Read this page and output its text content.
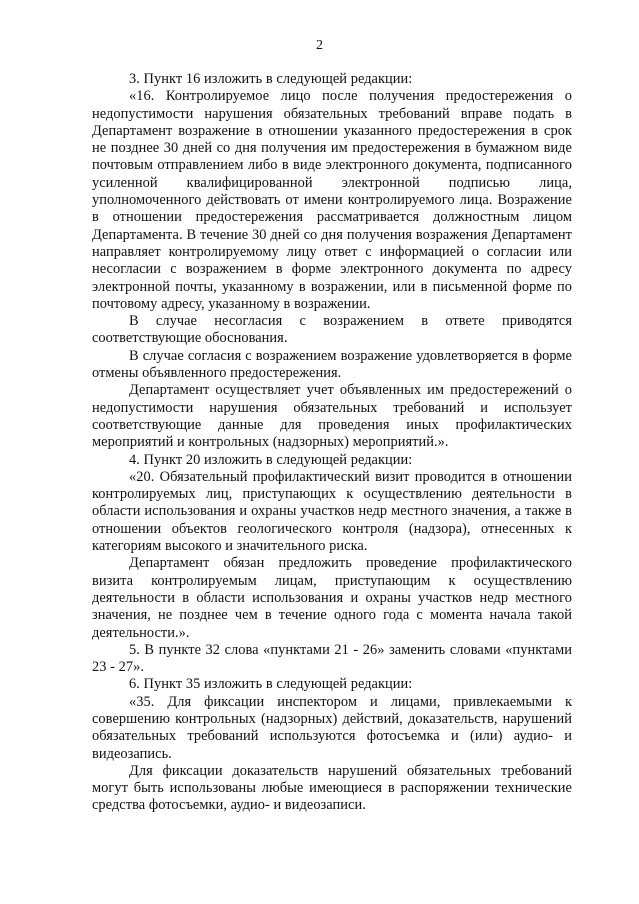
2

3. Пункт 16 изложить в следующей редакции:

«16. Контролируемое лицо после получения предостережения о недопустимости нарушения обязательных требований вправе подать в Департамент возражение в отношении указанного предостережения в срок не позднее 30 дней со дня получения им предостережения в бумажном виде почтовым отправлением либо в виде электронного документа, подписанного усиленной квалифицированной электронной подписью лица, уполномоченного действовать от имени контролируемого лица. Возражение в отношении предостережения рассматривается должностным лицом Департамента. В течение 30 дней со дня получения возражения Департамент направляет контролируемому лицу ответ с информацией о согласии или несогласии с возражением в форме электронного документа по адресу электронной почты, указанному в возражении, или в письменной форме по почтовому адресу, указанному в возражении.

В случае несогласия с возражением в ответе приводятся соответствующие обоснования.

В случае согласия с возражением возражение удовлетворяется в форме отмены объявленного предостережения.

Департамент осуществляет учет объявленных им предостережений о недопустимости нарушения обязательных требований и использует соответствующие данные для проведения иных профилактических мероприятий и контрольных (надзорных) мероприятий.».

4. Пункт 20 изложить в следующей редакции:

«20. Обязательный профилактический визит проводится в отношении контролируемых лиц, приступающих к осуществлению деятельности в области использования и охраны участков недр местного значения, а также в отношении объектов геологического контроля (надзора), отнесенных к категориям высокого и значительного риска.

Департамент обязан предложить проведение профилактического визита контролируемым лицам, приступающим к осуществлению деятельности в области использования и охраны участков недр местного значения, не позднее чем в течение одного года с момента начала такой деятельности.».

5. В пункте 32 слова «пунктами 21 - 26» заменить словами «пунктами 23 - 27».

6. Пункт 35 изложить в следующей редакции:

«35. Для фиксации инспектором и лицами, привлекаемыми к совершению контрольных (надзорных) действий, доказательств, нарушений обязательных требований используются фотосъемка и (или) аудио- и видеозапись.

Для фиксации доказательств нарушений обязательных требований могут быть использованы любые имеющиеся в распоряжении технические средства фотосъемки, аудио- и видеозаписи.
